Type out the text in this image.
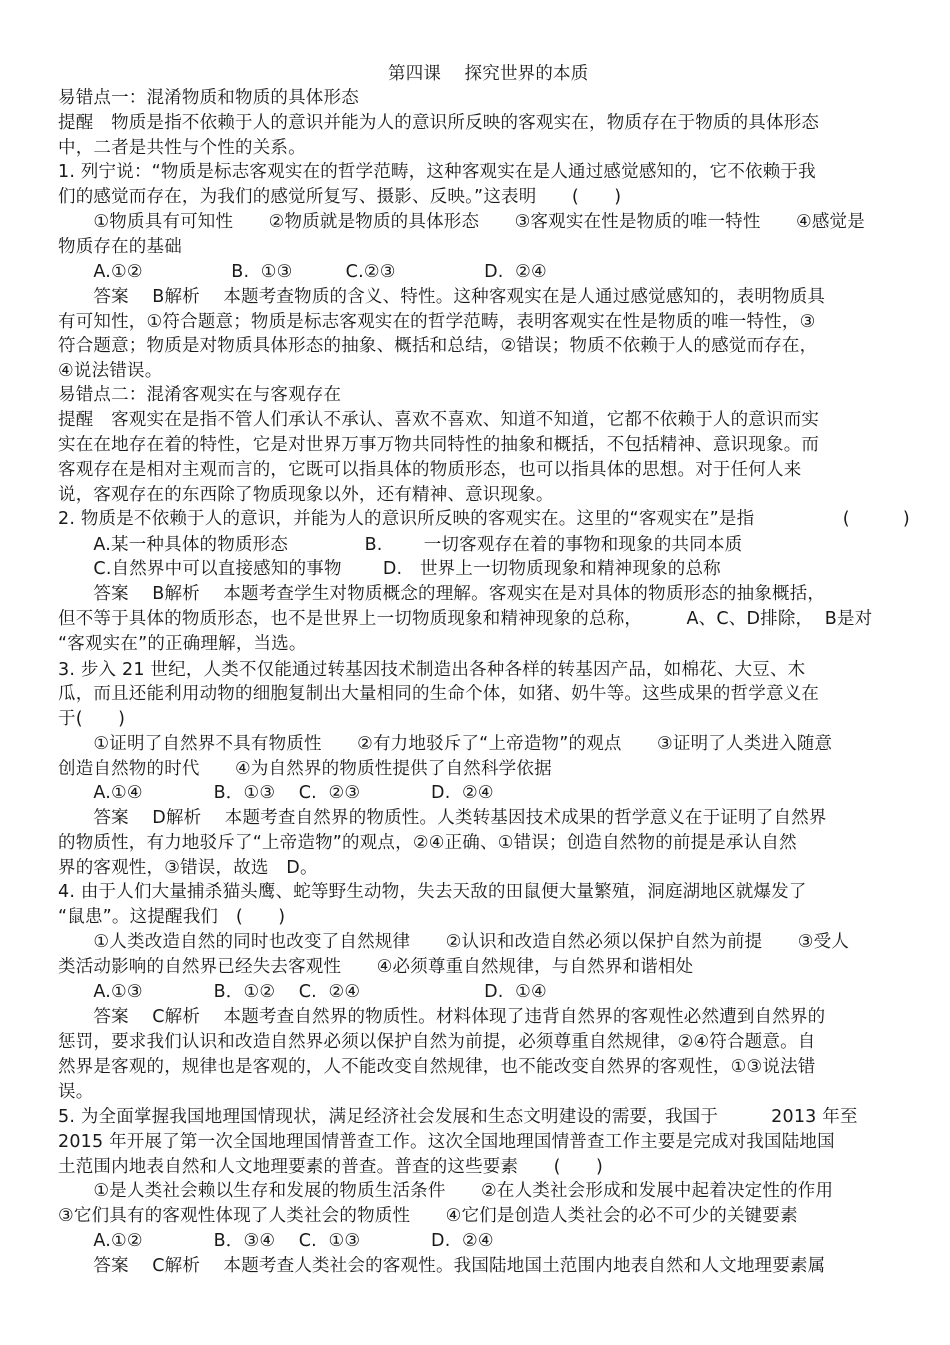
第四课　 探究世界的本质
易错点一：混淆物质和物质的具体形态
提醒　物质是指不依赖于人的意识并能为人的意识所反映的客观实在，物质存在于物质的具体形态
中，二者是共性与个性的关系。
1. 列宁说：“物质是标志客观实在的哲学范畴，这种客观实在是人通过感觉感知的，它不依赖于我
们的感觉而存在，为我们的感觉所复写、摄影、反映。”这表明　　(　　)
　　①物质具有可知性　　②物质就是物质的具体形态　　③客观实在性是物质的唯一特性　　④感觉是
物质存在的基础
　　A.①②　　　　　B.  ①③　　　C.②③　　　　　D.  ②④
　　答案　 B解析　 本题考查物质的含义、特性。这种客观实在是人通过感觉感知的，表明物质具
有可知性，①符合题意；物质是标志客观实在的哲学范畴，表明客观实在性是物质的唯一特性，③
符合题意；物质是对物质具体形态的抽象、概括和总结，②错误；物质不依赖于人的感觉而存在，
④说法错误。
易错点二：混淆客观实在与客观存在
提醒　客观实在是指不管人们承认不承认、喜欢不喜欢、知道不知道，它都不依赖于人的意识而实
实在在地存在着的特性，它是对世界万事万物共同特性的抽象和概括，不包括精神、意识现象。而
客观存在是相对主观而言的，它既可以指具体的物质形态，也可以指具体的思想。对于任何人来
说，客观存在的东西除了物质现象以外，还有精神、意识现象。
2. 物质是不依赖于人的意识，并能为人的意识所反映的客观实在。这里的“客观实在”是指　　　　　(　　　)
　　A.某一种具体的物质形态　　　　 B.　　 一切客观存在着的事物和现象的共同本质
　　C.自然界中可以直接感知的事物　　 D.　世界上一切物质现象和精神现象的总称
　　答案　 B解析　 本题考查学生对物质概念的理解。客观实在是对具体的物质形态的抽象概括，
但不等于具体的物质形态，也不是世界上一切物质现象和精神现象的总称，　　　A、C、D排除，  B是对
“客观实在”的正确理解，当选。
3. 步入 21 世纪，人类不仅能通过转基因技术制造出各种各样的转基因产品，如棉花、大豆、木
瓜，而且还能利用动物的细胞复制出大量相同的生命个体，如猪、奶牛等。这些成果的哲学意义在
于(　　)
　　①证明了自然界不具有物质性　　②有力地驳斥了“上帝造物”的观点　　③证明了人类进入随意
创造自然物的时代　　④为自然界的物质性提供了自然科学依据
　　A.①④　　　　B．①③　 C.  ②③　　　　D.  ②④
　　答案　 D解析　 本题考查自然界的物质性。人类转基因技术成果的哲学意义在于证明了自然界
的物质性，有力地驳斥了“上帝造物”的观点，②④正确、①错误；创造自然物的前提是承认自然
界的客观性，③错误，故选　D。
4. 由于人们大量捕杀猫头鹰、蛇等野生动物，失去天敌的田鼠便大量繁殖，洞庭湖地区就爆发了
“鼠患”。这提醒我们　(　　)
　　①人类改造自然的同时也改变了自然规律　　②认识和改造自然必须以保护自然为前提　　③受人
类活动影响的自然界已经失去客观性　　④必须尊重自然规律，与自然界和谐相处
　　A.①③　　　　B．①②　 C.  ②④　　　　　　　D.  ①④
　　答案　 C解析　 本题考查自然界的物质性。材料体现了违背自然界的客观性必然遭到自然界的
惩罚，要求我们认识和改造自然界必须以保护自然为前提，必须尊重自然规律，②④符合题意。自
然界是客观的，规律也是客观的，人不能改变自然规律，也不能改变自然界的客观性，①③说法错
误。
5. 为全面掌握我国地理国情现状，满足经济社会发展和生态文明建设的需要，我国于　　　2013 年至
2015 年开展了第一次全国地理国情普查工作。这次全国地理国情普查工作主要是完成对我国陆地国
土范围内地表自然和人文地理要素的普查。普查的这些要素　　(　　)
　　①是人类社会赖以生存和发展的物质生活条件　　②在人类社会形成和发展中起着决定性的作用
③它们具有的客观性体现了人类社会的物质性　　④它们是创造人类社会的必不可少的关键要素
　　A.①②　　　　B．③④　 C.  ①③　　　　D.  ②④
　　答案　 C解析　 本题考查人类社会的客观性。我国陆地国土范围内地表自然和人文地理要素属
